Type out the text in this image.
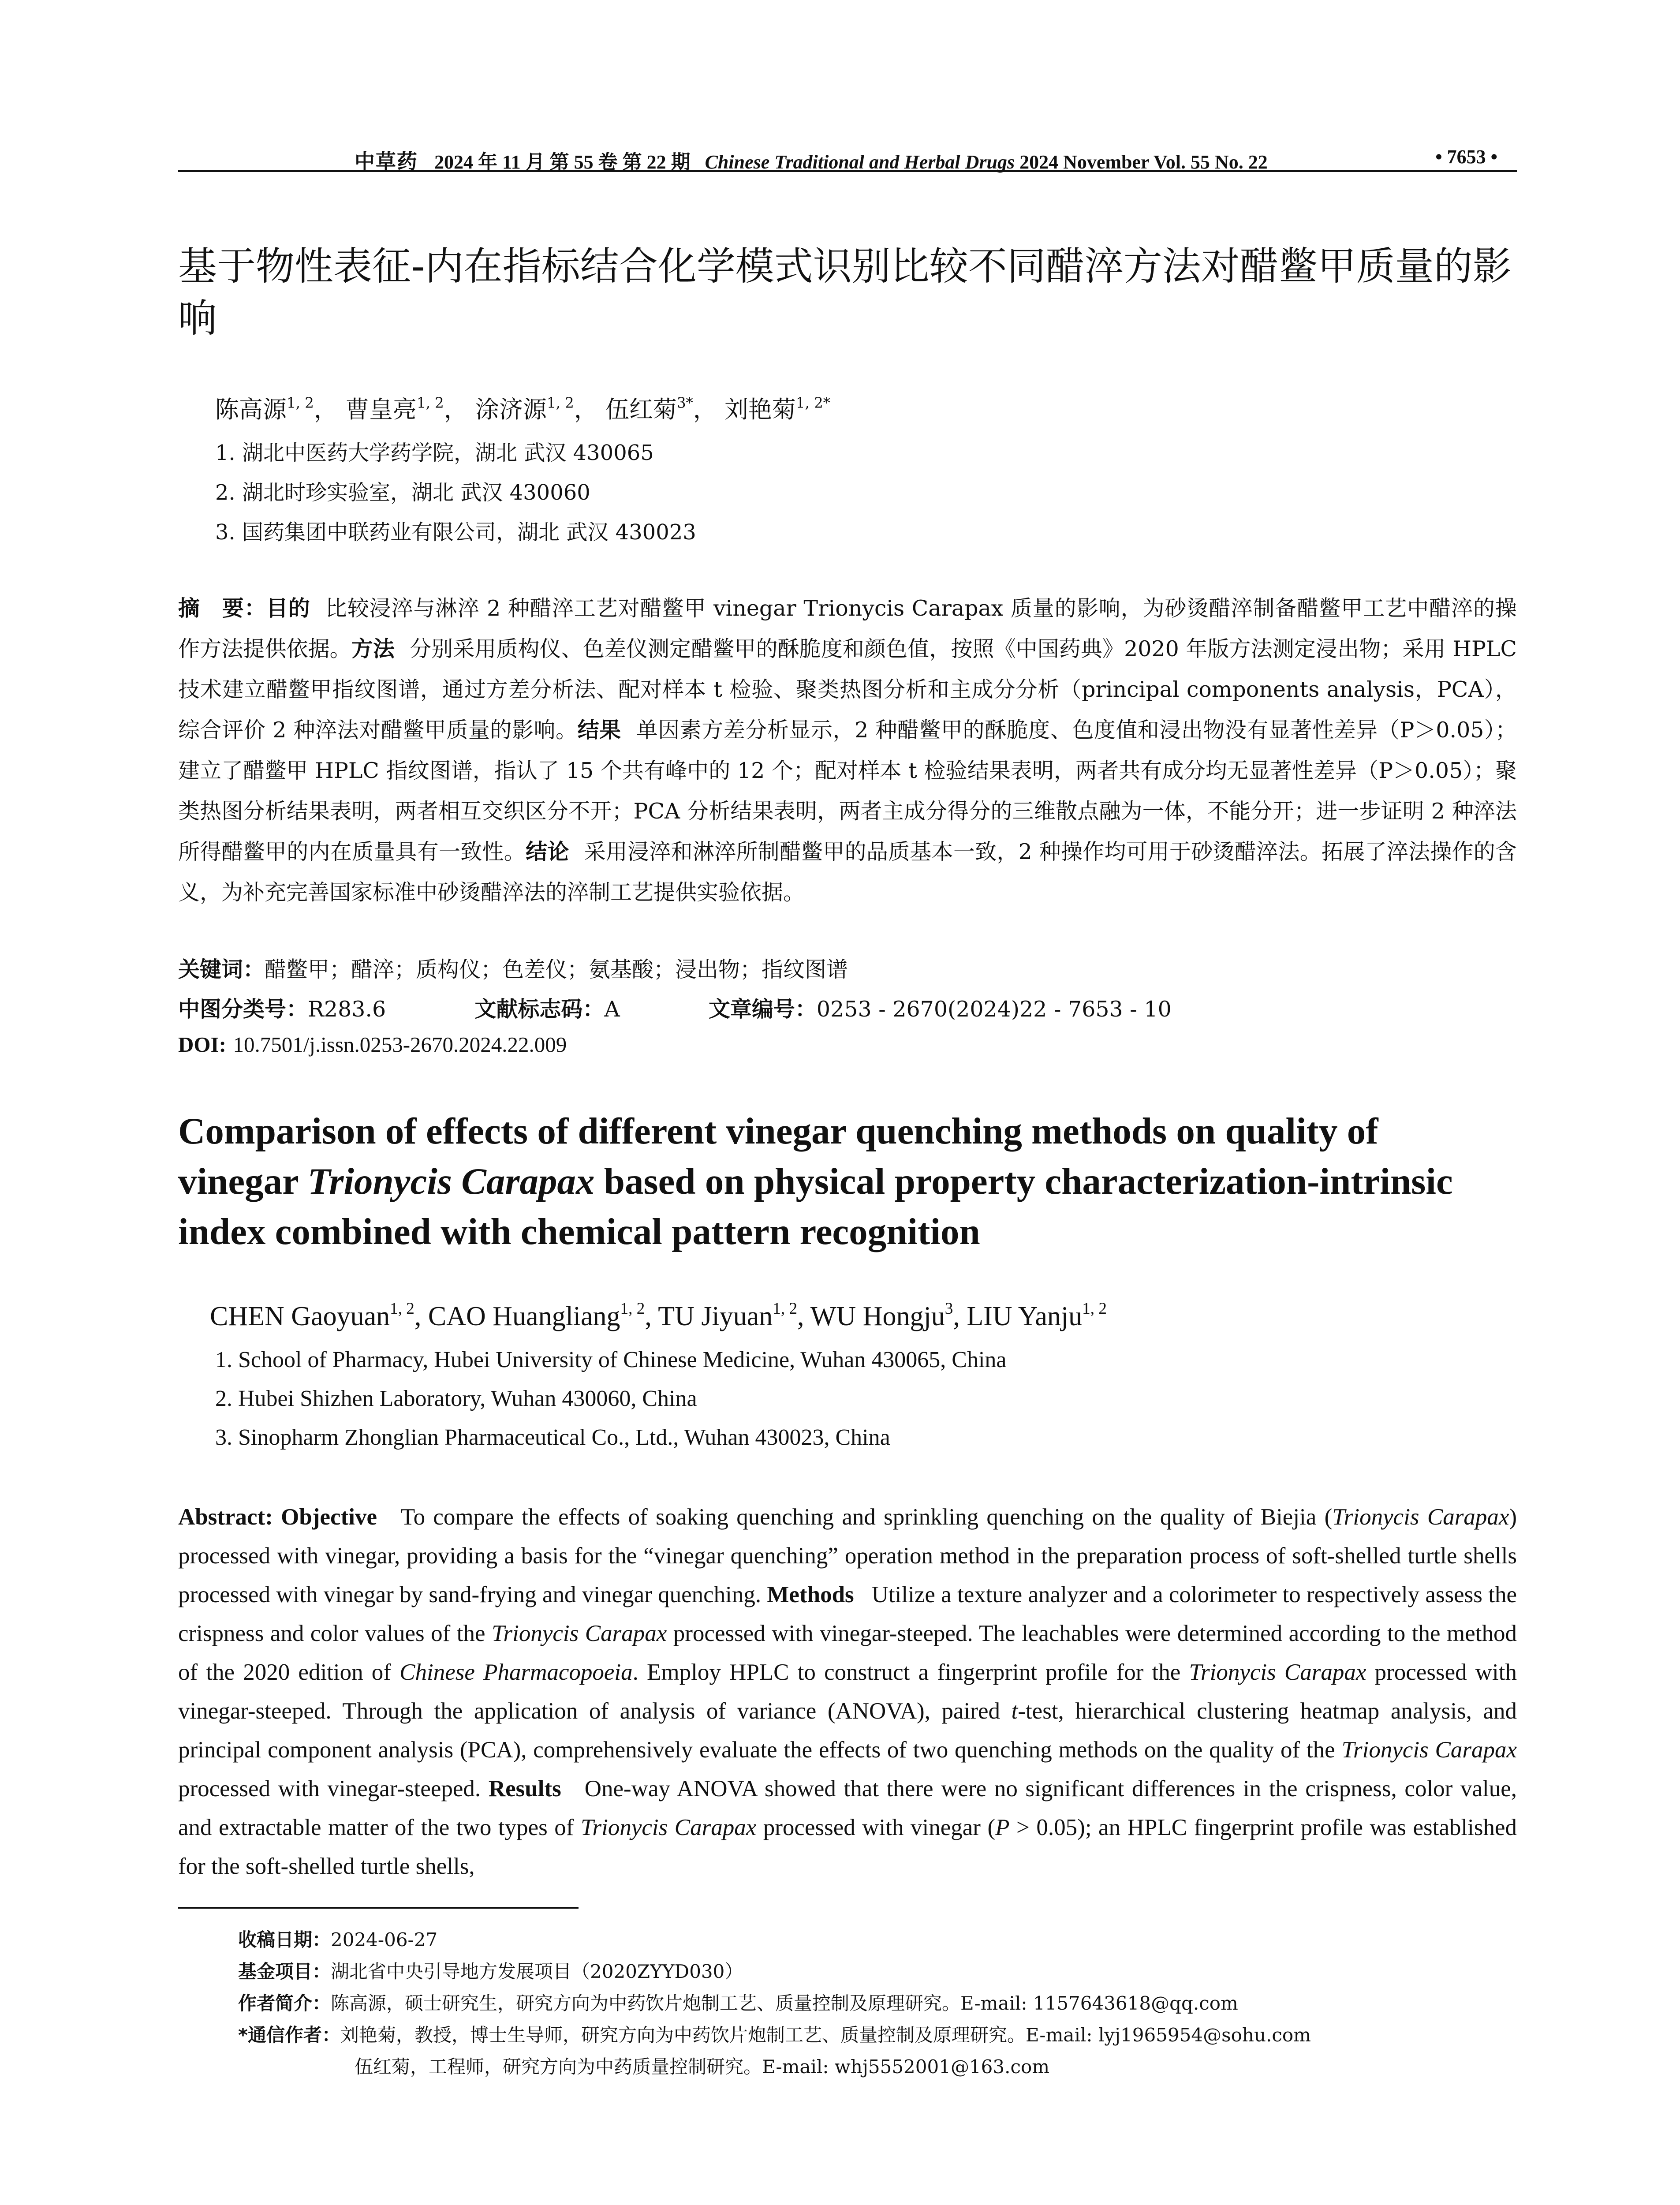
中草药 2024 年 11 月 第 55 卷 第 22 期 Chinese Traditional and Herbal Drugs 2024 November Vol. 55 No. 22	• 7653 •
基于物性表征-内在指标结合化学模式识别比较不同醋淬方法对醋鳖甲质量的影响
陈高源$^{1, 2}$， 曹皇亮$^{1, 2}$， 涂济源$^{1, 2}$， 伍红菊$^{3*}$， 刘艳菊$^{1, 2*}$
1. 湖北中医药大学药学院，湖北 武汉 430065
2. 湖北时珍实验室，湖北 武汉 430060
3. 国药集团中联药业有限公司，湖北 武汉 430023
摘　要：目的 比较浸淬与淋淬 2 种醋淬工艺对醋鳖甲 vinegar Trionycis Carapax 质量的影响，为砂烫醋淬制备醋鳖甲工艺中醋淬的操作方法提供依据。方法 分别采用质构仪、色差仪测定醋鳖甲的酥脆度和颜色值，按照《中国药典》2020 年版方法测定浸出物；采用 HPLC 技术建立醋鳖甲指纹图谱，通过方差分析法、配对样本 t 检验、聚类热图分析和主成分分析（principal components analysis，PCA），综合评价 2 种淬法对醋鳖甲质量的影响。结果 单因素方差分析显示，2 种醋鳖甲的酥脆度、色度值和浸出物没有显著性差异（P＞0.05）；建立了醋鳖甲 HPLC 指纹图谱，指认了 15 个共有峰中的 12 个；配对样本 t 检验结果表明，两者共有成分均无显著性差异（P＞0.05）；聚类热图分析结果表明，两者相互交织区分不开；PCA 分析结果表明，两者主成分得分的三维散点融为一体，不能分开；进一步证明 2 种淬法所得醋鳖甲的内在质量具有一致性。结论 采用浸淬和淋淬所制醋鳖甲的品质基本一致，2 种操作均可用于砂烫醋淬法。拓展了淬法操作的含义，为补充完善国家标准中砂烫醋淬法的淬制工艺提供实验依据。
关键词：醋鳖甲；醋淬；质构仪；色差仪；氨基酸；浸出物；指纹图谱
中图分类号：R283.6	文献标志码：A	文章编号：0253 - 2670(2024)22 - 7653 - 10
DOI: 10.7501/j.issn.0253-2670.2024.22.009
Comparison of effects of different vinegar quenching methods on quality of
vinegar Trionycis Carapax based on physical property characterization-intrinsic
index combined with chemical pattern recognition
CHEN Gaoyuan$^{1, 2}$, CAO Huangliang$^{1, 2}$, TU Jiyuan$^{1, 2}$, WU Hongju$^3$, LIU Yanju$^{1, 2}$
1. School of Pharmacy, Hubei University of Chinese Medicine, Wuhan 430065, China
2. Hubei Shizhen Laboratory, Wuhan 430060, China
3. Sinopharm Zhonglian Pharmaceutical Co., Ltd., Wuhan 430023, China
Abstract: Objective To compare the effects of soaking quenching and sprinkling quenching on the quality of Biejia (Trionycis Carapax) processed with vinegar, providing a basis for the “vinegar quenching” operation method in the preparation process of soft-shelled turtle shells processed with vinegar by sand-frying and vinegar quenching. Methods Utilize a texture analyzer and a colorimeter to respectively assess the crispness and color values of the Trionycis Carapax processed with vinegar-steeped. The leachables were determined according to the method of the 2020 edition of Chinese Pharmacopoeia. Employ HPLC to construct a fingerprint profile for the Trionycis Carapax processed with vinegar-steeped. Through the application of analysis of variance (ANOVA), paired t-test, hierarchical clustering heatmap analysis, and principal component analysis (PCA), comprehensively evaluate the effects of two quenching methods on the quality of the Trionycis Carapax processed with vinegar-steeped. Results One-way ANOVA showed that there were no significant differences in the crispness, color value, and extractable matter of the two types of Trionycis Carapax processed with vinegar (P > 0.05); an HPLC fingerprint profile was established for the soft-shelled turtle shells,
收稿日期：2024-06-27
基金项目：湖北省中央引导地方发展项目（2020ZYYD030）
作者简介：陈高源，硕士研究生，研究方向为中药饮片炮制工艺、质量控制及原理研究。E-mail: 1157643618@qq.com
*通信作者：刘艳菊，教授，博士生导师，研究方向为中药饮片炮制工艺、质量控制及原理研究。E-mail: lyj1965954@sohu.com
伍红菊，工程师，研究方向为中药质量控制研究。E-mail: whj5552001@163.com
